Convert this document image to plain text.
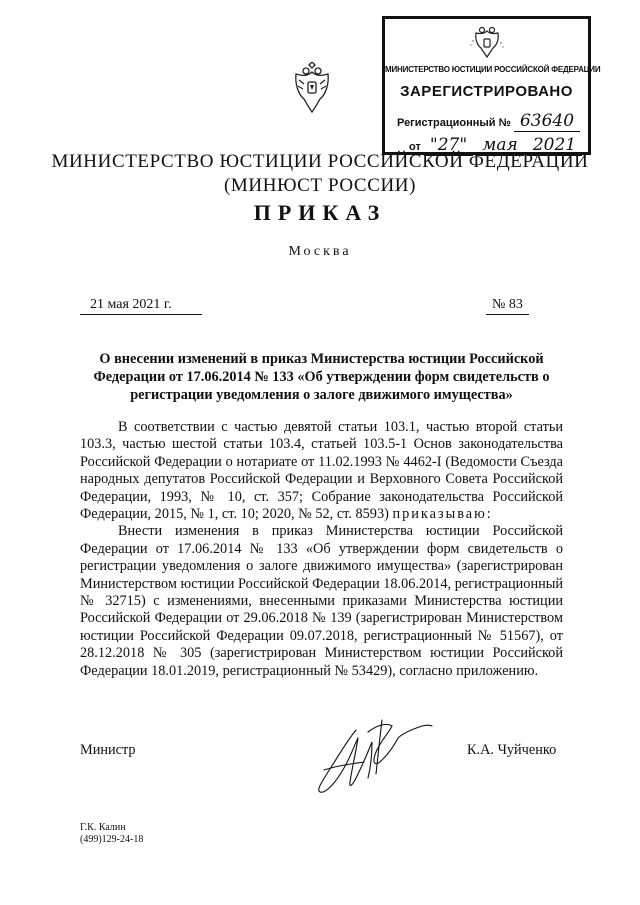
МИНИСТЕРСТВО ЮСТИЦИИ РОССИЙСКОЙ ФЕДЕРАЦИИ
ЗАРЕГИСТРИРОВАНО
Регистрационный № 63640
от "27" мая 2021
МИНИСТЕРСТВО ЮСТИЦИИ РОССИЙСКОЙ ФЕДЕРАЦИИ
(МИНЮСТ РОССИИ)
ПРИКАЗ
Москва
21 мая 2021 г.	№ 83
О внесении изменений в приказ Министерства юстиции Российской Федерации от 17.06.2014 № 133 «Об утверждении форм свидетельств о регистрации уведомления о залоге движимого имущества»

В соответствии с частью девятой статьи 103.1, частью второй статьи 103.3, частью шестой статьи 103.4, статьей 103.5-1 Основ законодательства Российской Федерации о нотариате от 11.02.1993 № 4462-I (Ведомости Съезда народных депутатов Российской Федерации и Верховного Совета Российской Федерации, 1993, № 10, ст. 357; Собрание законодательства Российской Федерации, 2015, № 1, ст. 10; 2020, № 52, ст. 8593) приказываю:

Внести изменения в приказ Министерства юстиции Российской Федерации от 17.06.2014 № 133 «Об утверждении форм свидетельств о регистрации уведомления о залоге движимого имущества» (зарегистрирован Министерством юстиции Российской Федерации 18.06.2014, регистрационный № 32715) с изменениями, внесенными приказами Министерства юстиции Российской Федерации от 29.06.2018 № 139 (зарегистрирован Министерством юстиции Российской Федерации 09.07.2018, регистрационный № 51567), от 28.12.2018 № 305 (зарегистрирован Министерством юстиции Российской Федерации 18.01.2019, регистрационный № 53429), согласно приложению.

Министр	К.А. Чуйченко
Г.К. Калин
(499)129-24-18
